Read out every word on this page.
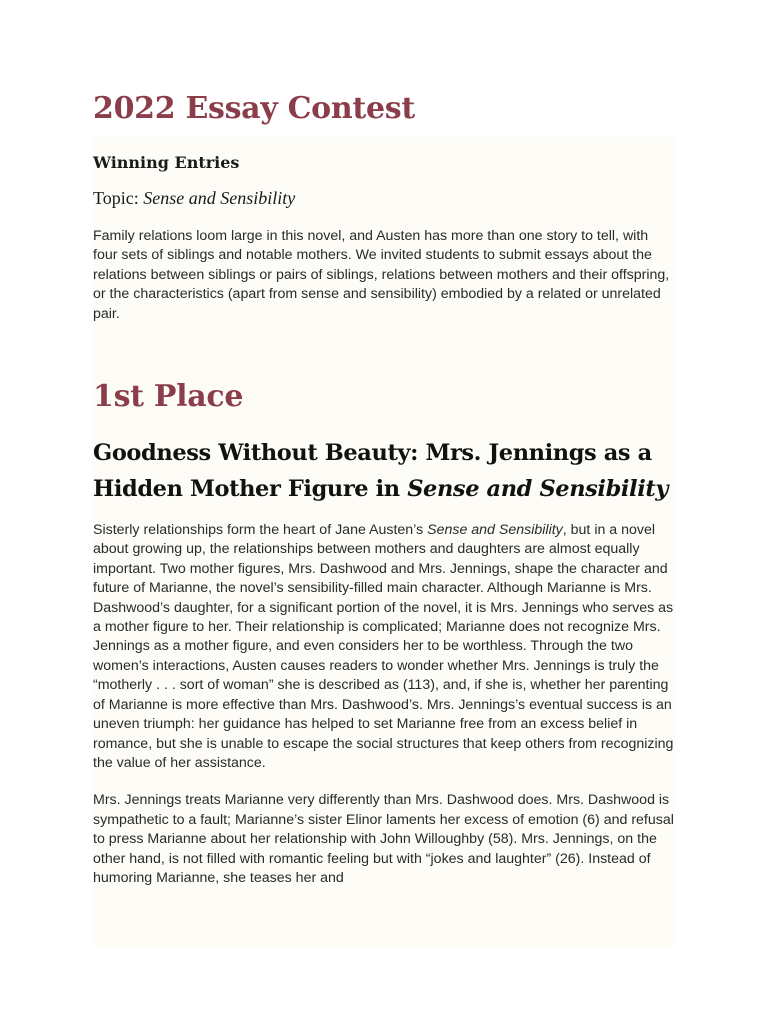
2022 Essay Contest
Winning Entries
Topic: Sense and Sensibility

Family relations loom large in this novel, and Austen has more than one story to tell, with four sets of siblings and notable mothers. We invited students to submit essays about the relations between siblings or pairs of siblings, relations between mothers and their offspring, or the characteristics (apart from sense and sensibility) embodied by a related or unrelated pair.

1st Place
Goodness Without Beauty: Mrs. Jennings as a Hidden Mother Figure in Sense and Sensibility

Sisterly relationships form the heart of Jane Austen’s Sense and Sensibility, but in a novel about growing up, the relationships between mothers and daughters are almost equally important. Two mother figures, Mrs. Dashwood and Mrs. Jennings, shape the character and future of Marianne, the novel’s sensibility-filled main character. Although Marianne is Mrs. Dashwood’s daughter, for a significant portion of the novel, it is Mrs. Jennings who serves as a mother figure to her. Their relationship is complicated; Marianne does not recognize Mrs. Jennings as a mother figure, and even considers her to be worthless. Through the two women’s interactions, Austen causes readers to wonder whether Mrs. Jennings is truly the “motherly . . . sort of woman” she is described as (113), and, if she is, whether her parenting of Marianne is more effective than Mrs. Dashwood’s. Mrs. Jennings’s eventual success is an uneven triumph: her guidance has helped to set Marianne free from an excess belief in romance, but she is unable to escape the social structures that keep others from recognizing the value of her assistance.

Mrs. Jennings treats Marianne very differently than Mrs. Dashwood does. Mrs. Dashwood is sympathetic to a fault; Marianne’s sister Elinor laments her excess of emotion (6) and refusal to press Marianne about her relationship with John Willoughby (58). Mrs. Jennings, on the other hand, is not filled with romantic feeling but with “jokes and laughter” (26). Instead of humoring Marianne, she teases her and
